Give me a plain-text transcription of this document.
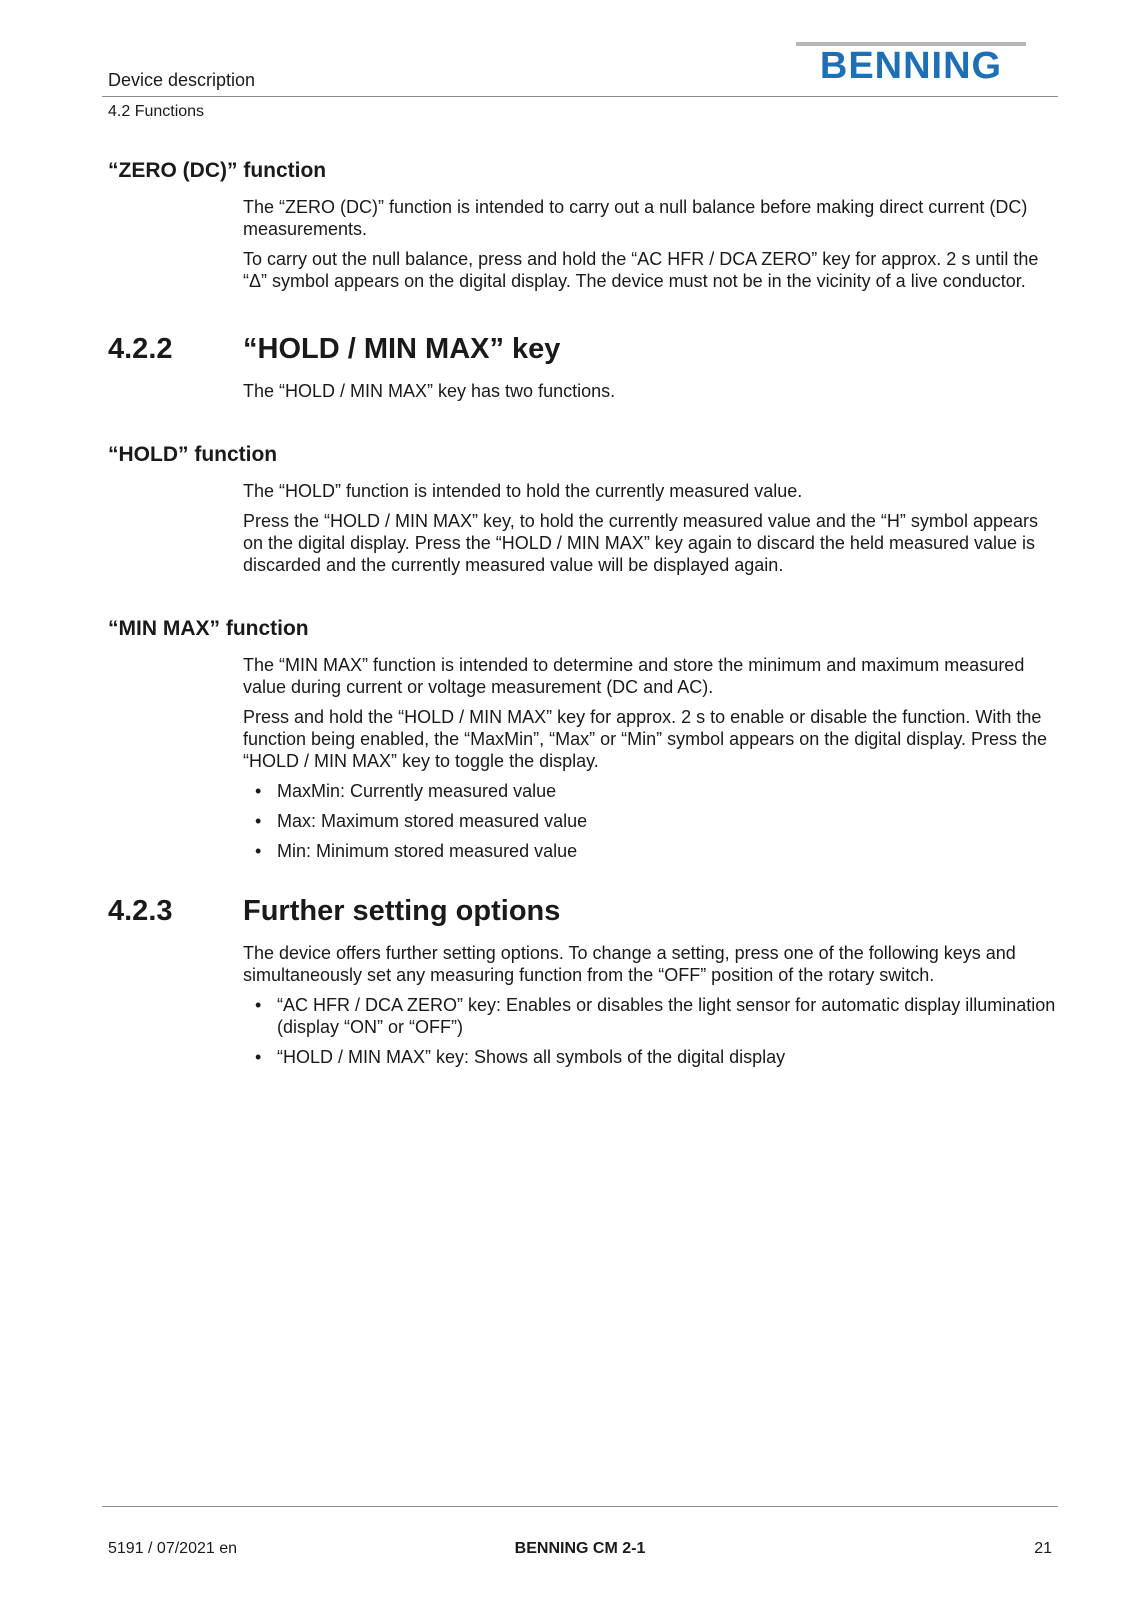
Device description	BENNING
4.2 Functions
“ZERO (DC)” function

The “ZERO (DC)” function is intended to carry out a null balance before making direct current (DC) measurements.

To carry out the null balance, press and hold the “AC HFR / DCA ZERO” key for approx. 2 s until the “Δ” symbol appears on the digital display. The device must not be in the vicinity of a live conductor.

4.2.2	“HOLD / MIN MAX” key

The “HOLD / MIN MAX” key has two functions.

“HOLD” function

The “HOLD” function is intended to hold the currently measured value.

Press the “HOLD / MIN MAX” key, to hold the currently measured value and the “H” symbol appears on the digital display. Press the “HOLD / MIN MAX” key again to discard the held measured value is discarded and the currently measured value will be displayed again.

“MIN MAX” function

The “MIN MAX” function is intended to determine and store the minimum and maximum measured value during current or voltage measurement (DC and AC).

Press and hold the “HOLD / MIN MAX” key for approx. 2 s to enable or disable the function. With the function being enabled, the “MaxMin”, “Max” or “Min” symbol appears on the digital display. Press the “HOLD / MIN MAX” key to toggle the display.

• MaxMin: Currently measured value
• Max: Maximum stored measured value
• Min: Minimum stored measured value
4.2.3	Further setting options

The device offers further setting options. To change a setting, press one of the following keys and simultaneously set any measuring function from the “OFF” position of the rotary switch.

• “AC HFR / DCA ZERO” key: Enables or disables the light sensor for automatic display illumination (display “ON” or “OFF”)
• “HOLD / MIN MAX” key: Shows all symbols of the digital display
5191 / 07/2021 en	BENNING CM 2-1	21
